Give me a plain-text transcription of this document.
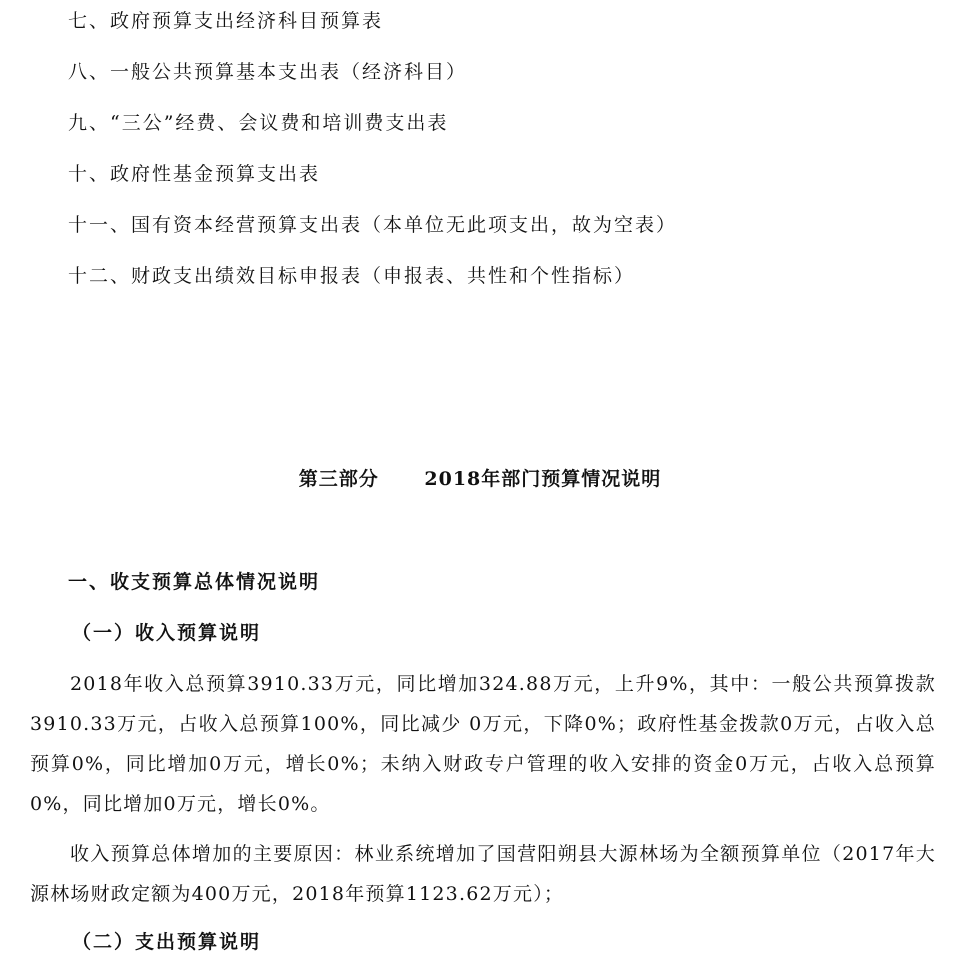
七、政府预算支出经济科目预算表
八、一般公共预算基本支出表（经济科目）
九、“三公”经费、会议费和培训费支出表
十、政府性基金预算支出表
十一、国有资本经营预算支出表（本单位无此项支出，故为空表）
十二、财政支出绩效目标申报表（申报表、共性和个性指标）
第三部分      2018年部门预算情况说明
一、收支预算总体情况说明
（一）收入预算说明

2018年收入总预算3910.33万元，同比增加324.88万元，上升9%，其中：一般公共预算拨款3910.33万元，占收入总预算100%，同比减少 0万元，下降0%；政府性基金拨款0万元，占收入总预算0%，同比增加0万元，增长0%；未纳入财政专户管理的收入安排的资金0万元，占收入总预算0%，同比增加0万元，增长0%。

收入预算总体增加的主要原因：林业系统增加了国营阳朔县大源林场为全额预算单位（2017年大源林场财政定额为400万元，2018年预算1123.62万元）；

（二）支出预算说明
